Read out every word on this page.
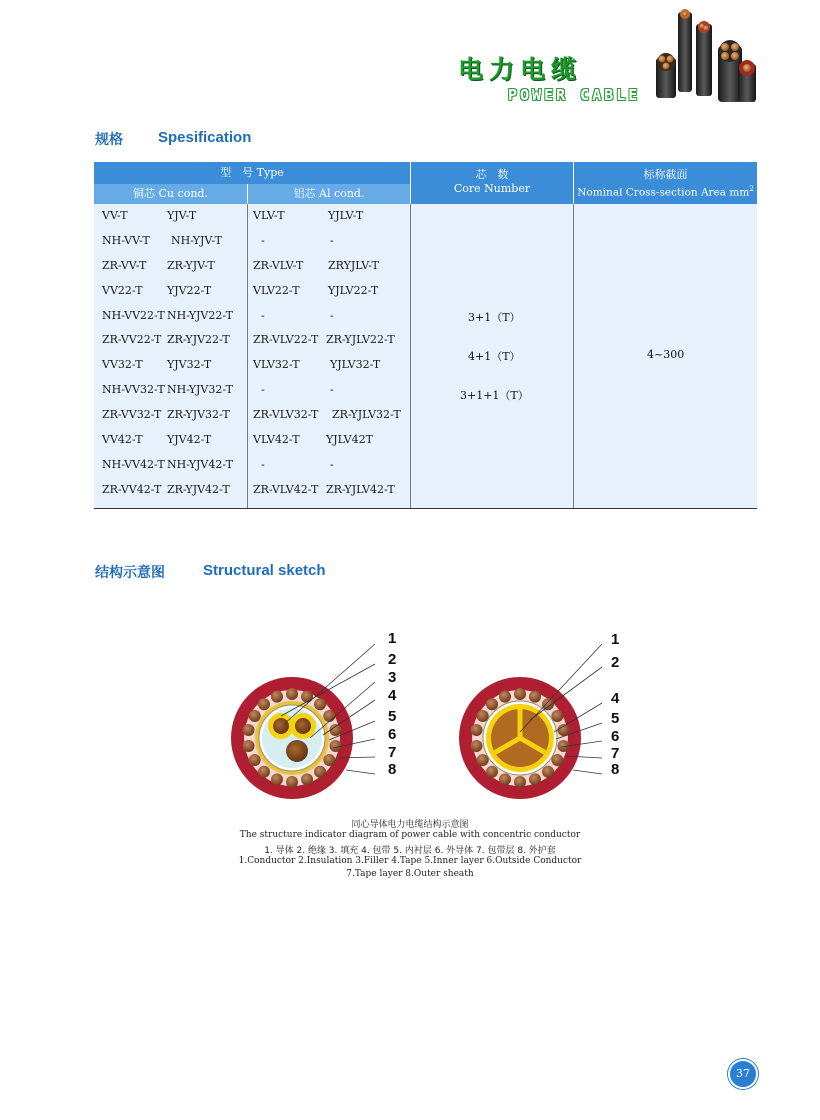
电力电缆
POWER CABLE
规格 Spesification
型　号 Type
铜芯 Cu cond.	铝芯 Al cond.
芯　数
Core Number
标称截面
Nominal Cross-section Area $mm^2$
3+1（T）
4+1（T）
3+1+1（T）
4~300
VV-T
NH-VV-T
ZR-VV-T
VV22-T
NH-VV22-T
ZR-VV22-T
VV32-T
NH-VV32-T
ZR-VV32-T
VV42-T
NH-VV42-T
ZR-VV42-T
YJV-T
NH-YJV-T
ZR-YJV-T
YJV22-T
NH-YJV22-T
ZR-YJV22-T
YJV32-T
NH-YJV32-T
ZR-YJV32-T
YJV42-T
NH-YJV42-T
ZR-YJV42-T
VLV-T
-
ZR-VLV-T
VLV22-T
-
ZR-VLV22-T
VLV32-T
-
ZR-VLV32-T
VLV42-T
-
ZR-VLV42-T
YJLV-T
-
ZRYJLV-T
YJLV22-T
-
ZR-YJLV22-T
YJLV32-T
-
ZR-YJLV32-T
YJLV42T
-
ZR-YJLV42-T
结构示意图	Structural sketch
1
2
3
4
5
6
7
8
1
2
4
5
6
7
8
同心导体电力电缆结构示意图
The structure indicator diagram of power cable with concentric conductor
1. 导体 2. 绝缘 3. 填充 4. 包带 5. 内衬层 6. 外导体 7. 包带层 8. 外护套
1.Conductor 2.Insulation 3.Filler 4.Tape 5.Inner layer 6.Outside Conductor
7.Tape layer 8.Outer sheath
37
